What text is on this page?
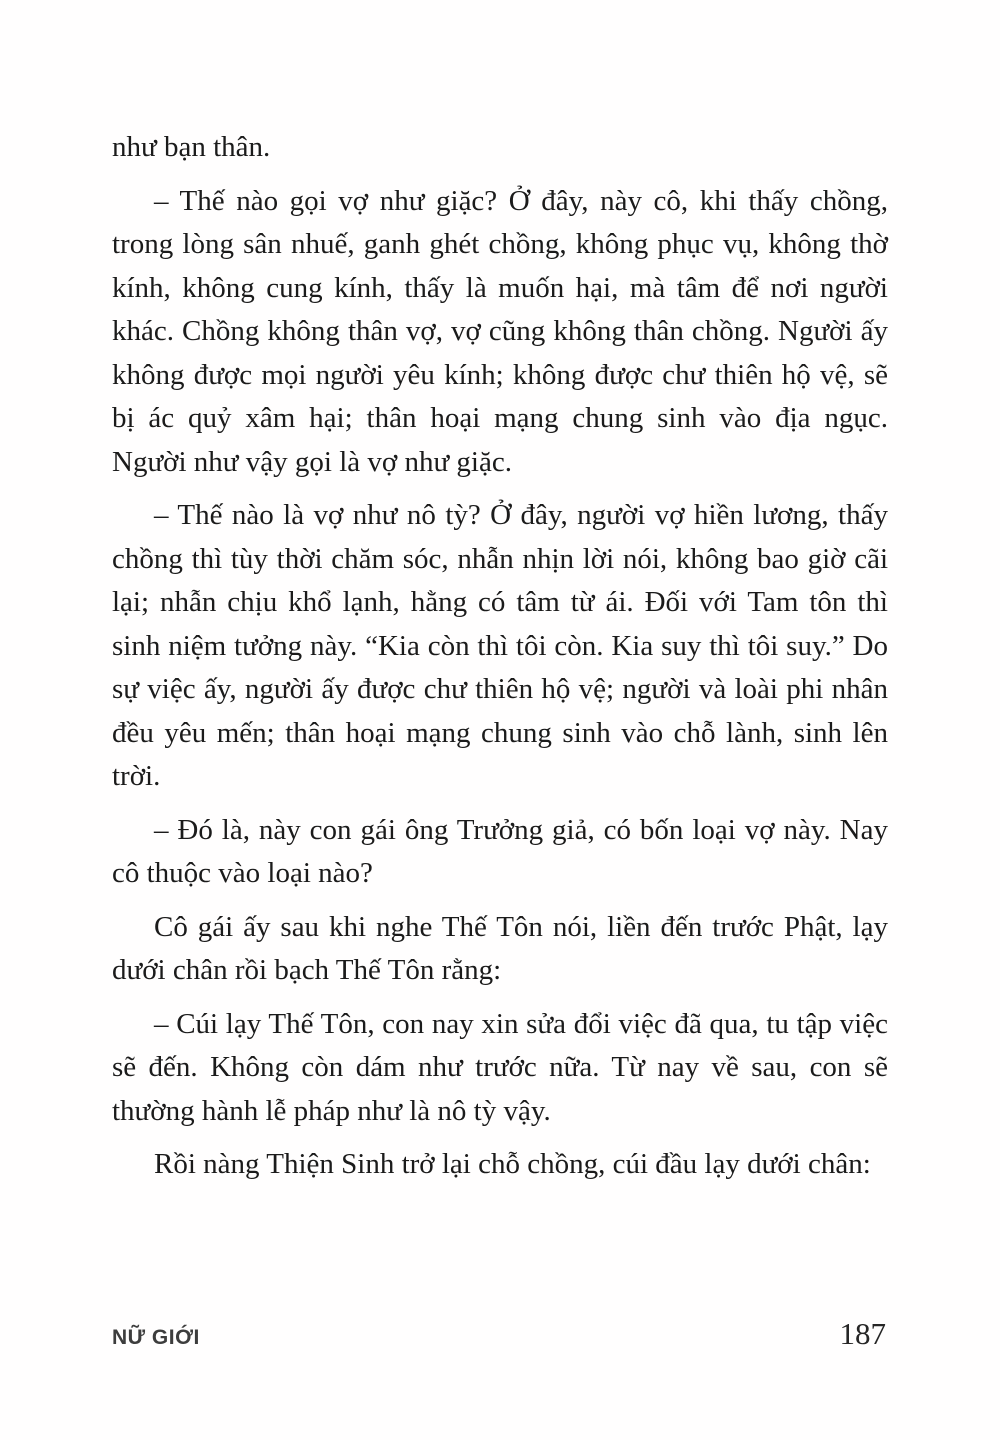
như bạn thân.

– Thế nào gọi vợ như giặc? Ở đây, này cô, khi thấy chồng, trong lòng sân nhuế, ganh ghét chồng, không phục vụ, không thờ kính, không cung kính, thấy là muốn hại, mà tâm để nơi người khác. Chồng không thân vợ, vợ cũng không thân chồng. Người ấy không được mọi người yêu kính; không được chư thiên hộ vệ, sẽ bị ác quỷ xâm hại; thân hoại mạng chung sinh vào địa ngục. Người như vậy gọi là vợ như giặc.

– Thế nào là vợ như nô tỳ? Ở đây, người vợ hiền lương, thấy chồng thì tùy thời chăm sóc, nhẫn nhịn lời nói, không bao giờ cãi lại; nhẫn chịu khổ lạnh, hằng có tâm từ ái. Đối với Tam tôn thì sinh niệm tưởng này. “Kia còn thì tôi còn. Kia suy thì tôi suy.” Do sự việc ấy, người ấy được chư thiên hộ vệ; người và loài phi nhân đều yêu mến; thân hoại mạng chung sinh vào chỗ lành, sinh lên trời.

– Đó là, này con gái ông Trưởng giả, có bốn loại vợ này. Nay cô thuộc vào loại nào?

Cô gái ấy sau khi nghe Thế Tôn nói, liền đến trước Phật, lạy dưới chân rồi bạch Thế Tôn rằng:

– Cúi lạy Thế Tôn, con nay xin sửa đổi việc đã qua, tu tập việc sẽ đến. Không còn dám như trước nữa. Từ nay về sau, con sẽ thường hành lễ pháp như là nô tỳ vậy.

Rồi nàng Thiện Sinh trở lại chỗ chồng, cúi đầu lạy dưới chân:

NỮ GIỚI	187
